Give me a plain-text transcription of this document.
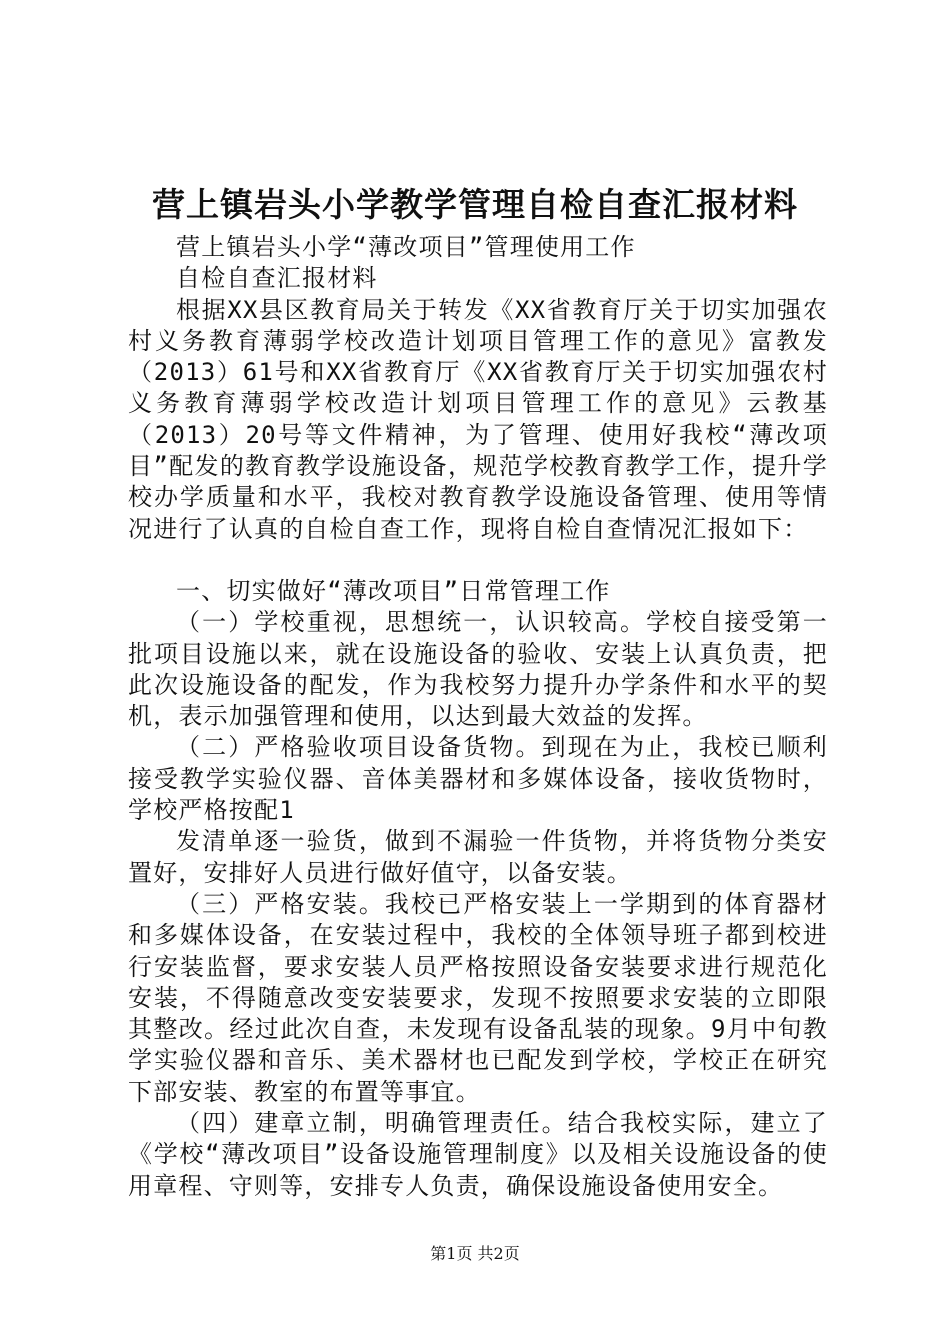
营上镇岩头小学教学管理自检自查汇报材料

营上镇岩头小学“薄改项目”管理使用工作

自检自查汇报材料

根据XX县区教育局关于转发《XX省教育厅关于切实加强农村义务教育薄弱学校改造计划项目管理工作的意见》富教发（2013）61号和XX省教育厅《XX省教育厅关于切实加强农村义务教育薄弱学校改造计划项目管理工作的意见》云教基（2013）20号等文件精神，为了管理、使用好我校“薄改项目”配发的教育教学设施设备，规范学校教育教学工作，提升学校办学质量和水平，我校对教育教学设施设备管理、使用等情况进行了认真的自检自查工作，现将自检自查情况汇报如下：

一、切实做好“薄改项目”日常管理工作

（一）学校重视，思想统一，认识较高。学校自接受第一批项目设施以来，就在设施设备的验收、安装上认真负责，把此次设施设备的配发，作为我校努力提升办学条件和水平的契机，表示加强管理和使用，以达到最大效益的发挥。

（二）严格验收项目设备货物。到现在为止，我校已顺利接受教学实验仪器、音体美器材和多媒体设备，接收货物时，学校严格按配1

发清单逐一验货，做到不漏验一件货物，并将货物分类安置好，安排好人员进行做好值守，以备安装。

（三）严格安装。我校已严格安装上一学期到的体育器材和多媒体设备，在安装过程中，我校的全体领导班子都到校进行安装监督，要求安装人员严格按照设备安装要求进行规范化安装，不得随意改变安装要求，发现不按照要求安装的立即限其整改。经过此次自查，未发现有设备乱装的现象。9月中旬教学实验仪器和音乐、美术器材也已配发到学校，学校正在研究下部安装、教室的布置等事宜。

（四）建章立制，明确管理责任。结合我校实际，建立了《学校“薄改项目”设备设施管理制度》以及相关设施设备的使用章程、守则等，安排专人负责，确保设施设备使用安全。

第1页 共2页
